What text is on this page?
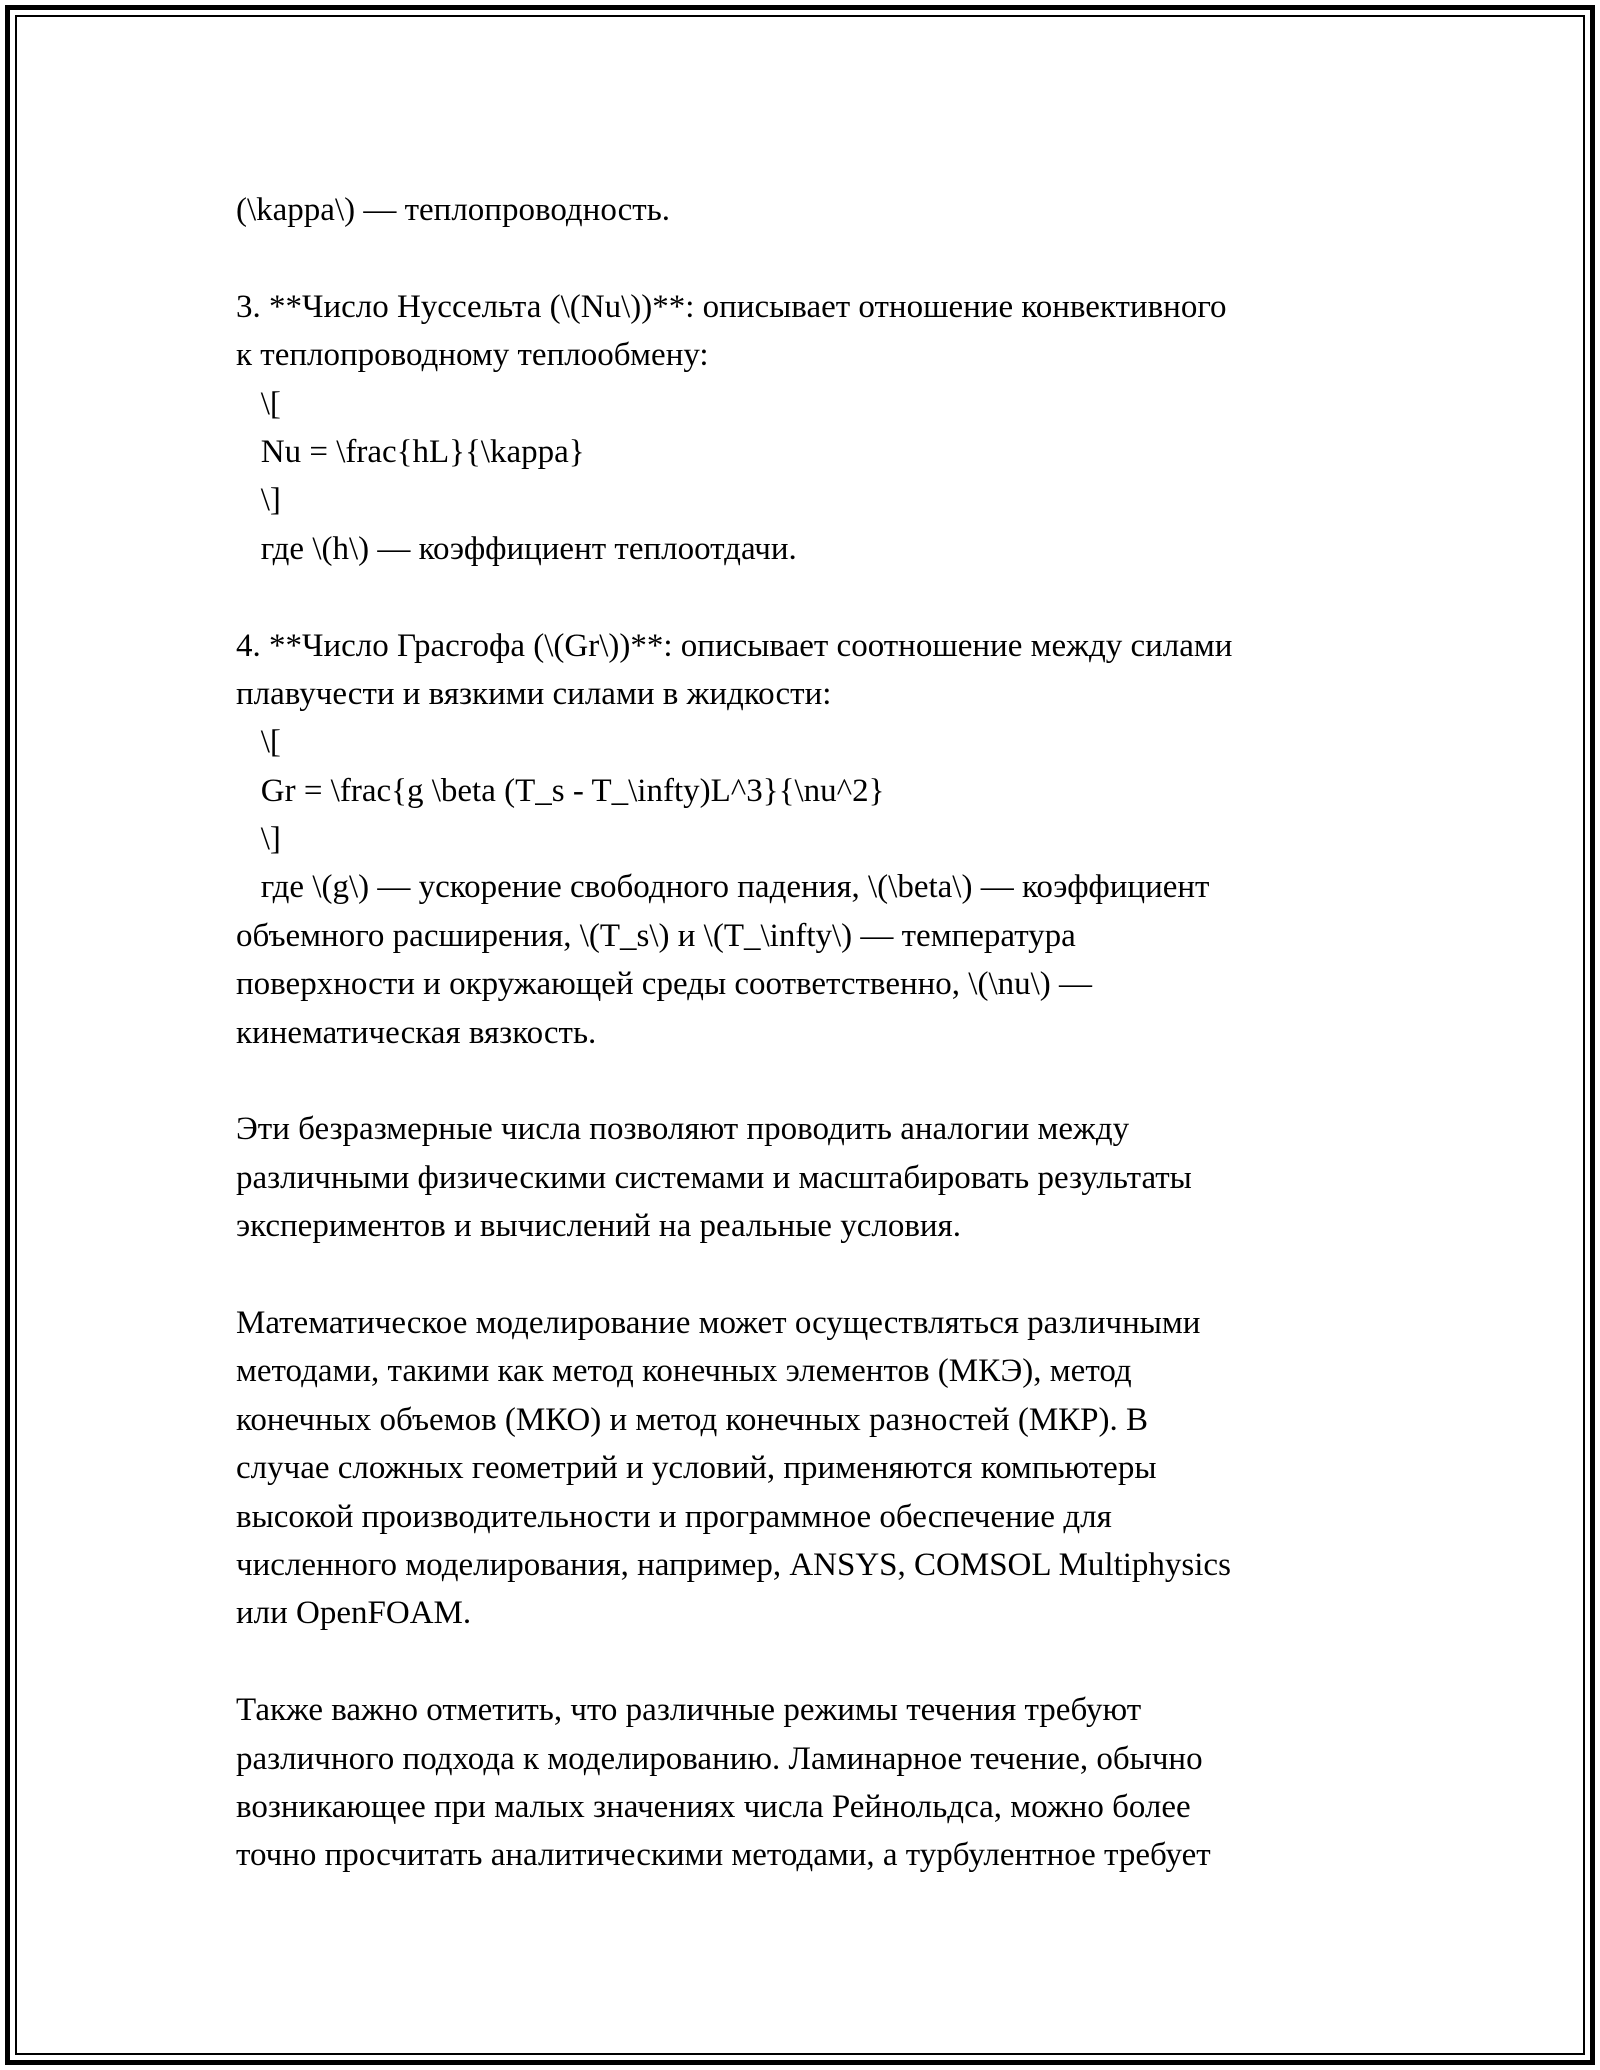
(\kappa\) — теплопроводность.
3. **Число Нуссельта (\(Nu\))**: описывает отношение конвективного
к теплопроводному теплообмену:
\[
Nu = \frac{hL}{\kappa}
\]
где \(h\) — коэффициент теплоотдачи.
4. **Число Грасгофа (\(Gr\))**: описывает соотношение между силами
плавучести и вязкими силами в жидкости:
\[
Gr = \frac{g \beta (T_s - T_\infty)L^3}{\nu^2}
\]
где \(g\) — ускорение свободного падения, \(\beta\) — коэффициент
объемного расширения, \(T_s\) и \(T_\infty\) — температура
поверхности и окружающей среды соответственно, \(\nu\) —
кинематическая вязкость.
Эти безразмерные числа позволяют проводить аналогии между
различными физическими системами и масштабировать результаты
экспериментов и вычислений на реальные условия.
Математическое моделирование может осуществляться различными
методами, такими как метод конечных элементов (МКЭ), метод
конечных объемов (МКО) и метод конечных разностей (МКР). В
случае сложных геометрий и условий, применяются компьютеры
высокой производительности и программное обеспечение для
численного моделирования, например, ANSYS, COMSOL Multiphysics
или OpenFOAM.
Также важно отметить, что различные режимы течения требуют
различного подхода к моделированию. Ламинарное течение, обычно
возникающее при малых значениях числа Рейнольдса, можно более
точно просчитать аналитическими методами, а турбулентное требует
